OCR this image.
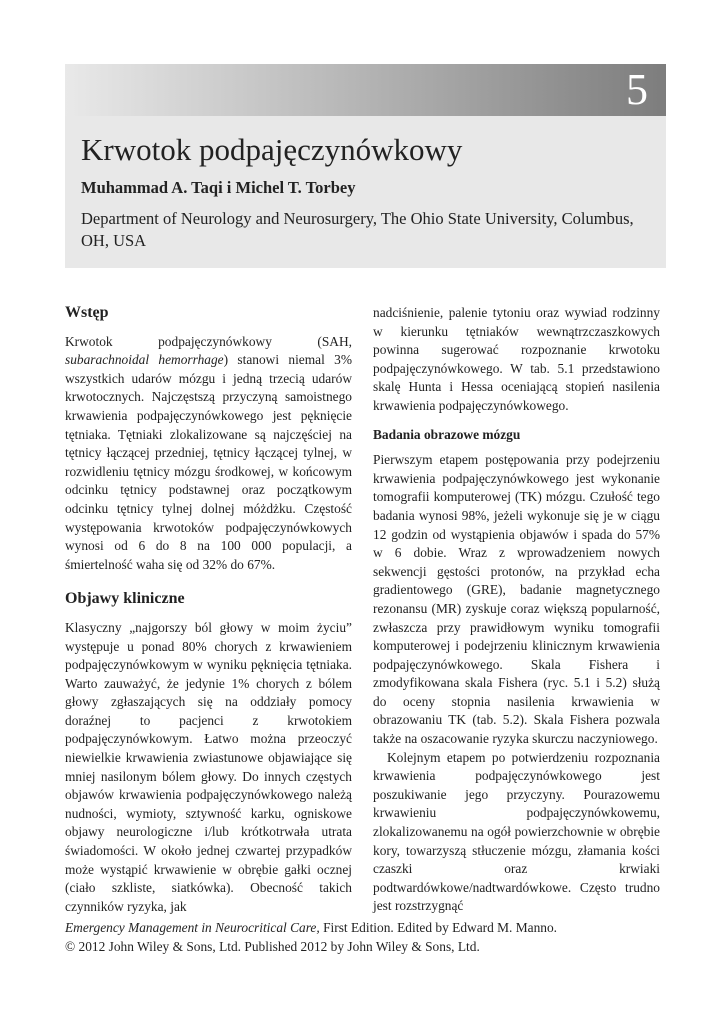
5
Krwotok podpajęczynówkowy
Muhammad A. Taqi i Michel T. Torbey
Department of Neurology and Neurosurgery, The Ohio State University, Columbus, OH, USA
Wstęp

Krwotok podpajęczynówkowy (SAH, subarachnoidal hemorrhage) stanowi niemal 3% wszystkich udarów mózgu i jedną trzecią udarów krwotocznych. Najczęstszą przyczyną samoistnego krwawienia podpajęczynówkowego jest pęknięcie tętniaka. Tętniaki zlokalizowane są najczęściej na tętnicy łączącej przedniej, tętnicy łączącej tylnej, w rozwidleniu tętnicy mózgu środkowej, w końcowym odcinku tętnicy podstawnej oraz początkowym odcinku tętnicy tylnej dolnej móżdżku. Częstość występowania krwotoków podpajęczynówkowych wynosi od 6 do 8 na 100 000 populacji, a śmiertelność waha się od 32% do 67%.

Objawy kliniczne

Klasyczny „najgorszy ból głowy w moim życiu” występuje u ponad 80% chorych z krwawieniem podpajęczynówkowym w wyniku pęknięcia tętniaka. Warto zauważyć, że jedynie 1% chorych z bólem głowy zgłaszających się na oddziały pomocy doraźnej to pacjenci z krwotokiem podpajęczynówkowym. Łatwo można przeoczyć niewielkie krwawienia zwiastunowe objawiające się mniej nasilonym bólem głowy. Do innych częstych objawów krwawienia podpajęczynówkowego należą nudności, wymioty, sztywność karku, ogniskowe objawy neurologiczne i/lub krótkotrwała utrata świadomości. W około jednej czwartej przypadków może wystąpić krwawienie w obrębie gałki ocznej (ciało szkliste, siatkówka). Obecność takich czynników ryzyka, jak

nadciśnienie, palenie tytoniu oraz wywiad rodzinny w kierunku tętniaków wewnątrzczaszkowych powinna sugerować rozpoznanie krwotoku podpajęczynówkowego. W tab. 5.1 przedstawiono skalę Hunta i Hessa oceniającą stopień nasilenia krwawienia podpajęczynówkowego.

Badania obrazowe mózgu

Pierwszym etapem postępowania przy podejrzeniu krwawienia podpajęczynówkowego jest wykonanie tomografii komputerowej (TK) mózgu. Czułość tego badania wynosi 98%, jeżeli wykonuje się je w ciągu 12 godzin od wystąpienia objawów i spada do 57% w 6 dobie. Wraz z wprowadzeniem nowych sekwencji gęstości protonów, na przykład echa gradientowego (GRE), badanie magnetycznego rezonansu (MR) zyskuje coraz większą popularność, zwłaszcza przy prawidłowym wyniku tomografii komputerowej i podejrzeniu klinicznym krwawienia podpajęczynówkowego. Skala Fishera i zmodyfikowana skala Fishera (ryc. 5.1 i 5.2) służą do oceny stopnia nasilenia krwawienia w obrazowaniu TK (tab. 5.2). Skala Fishera pozwala także na oszacowanie ryzyka skurczu naczyniowego.

Kolejnym etapem po potwierdzeniu rozpoznania krwawienia podpajęczynówkowego jest poszukiwanie jego przyczyny. Pourazowemu krwawieniu podpajęczynówkowemu, zlokalizowanemu na ogół powierzchownie w obrębie kory, towarzyszą stłuczenie mózgu, złamania kości czaszki oraz krwiaki podtwardówkowe/nadtwardówkowe. Często trudno jest rozstrzygnąć

Emergency Management in Neurocritical Care, First Edition. Edited by Edward M. Manno.
© 2012 John Wiley & Sons, Ltd. Published 2012 by John Wiley & Sons, Ltd.
